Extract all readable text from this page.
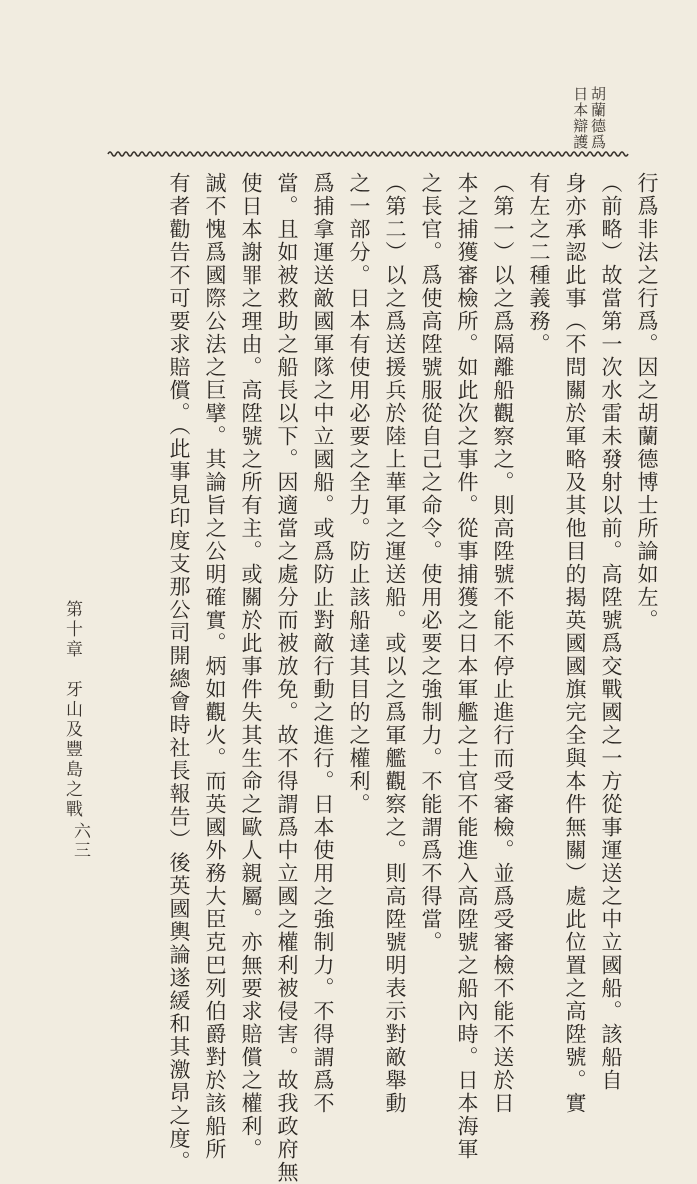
胡蘭德爲
日本辯護
行爲非法之行爲。因之胡蘭德博士所論如左。
（前略）故當第一次水雷未發射以前。高陞號爲交戰國之一方從事運送之中立國船。該船自
身亦承認此事（不問關於軍略及其他目的揭英國國旗完全與本件無關）處此位置之高陞號。實
有左之二種義務。
（第一）以之爲隔離船觀察之。則高陞號不能不停止進行而受審檢。並爲受審檢不能不送於日
本之捕獲審檢所。如此次之事件。從事捕獲之日本軍艦之士官不能進入高陞號之船內時。日本海軍
之長官。爲使高陞號服從自己之命令。使用必要之強制力。不能謂爲不得當。
（第二）以之爲送援兵於陸上華軍之運送船。或以之爲軍艦觀察之。則高陞號明表示對敵舉動
之一部分。日本有使用必要之全力。防止該船達其目的之權利。
爲捕拿運送敵國軍隊之中立國船。或爲防止對敵行動之進行。日本使用之強制力。不得謂爲不
當。且如被救助之船長以下。因適當之處分而被放免。故不得謂爲中立國之權利被侵害。故我政府無
使日本謝罪之理由。高陞號之所有主。或關於此事件失其生命之歐人親屬。亦無要求賠償之權利。
誠不愧爲國際公法之巨擘。其論旨之公明確實。炳如觀火。而英國外務大臣克巴列伯爵對於該船所
有者勸告不可要求賠償。（此事見印度支那公司開總會時社長報告）後英國輿論遂緩和其激昂之度。
第十章　牙山及豐島之戰
六三
